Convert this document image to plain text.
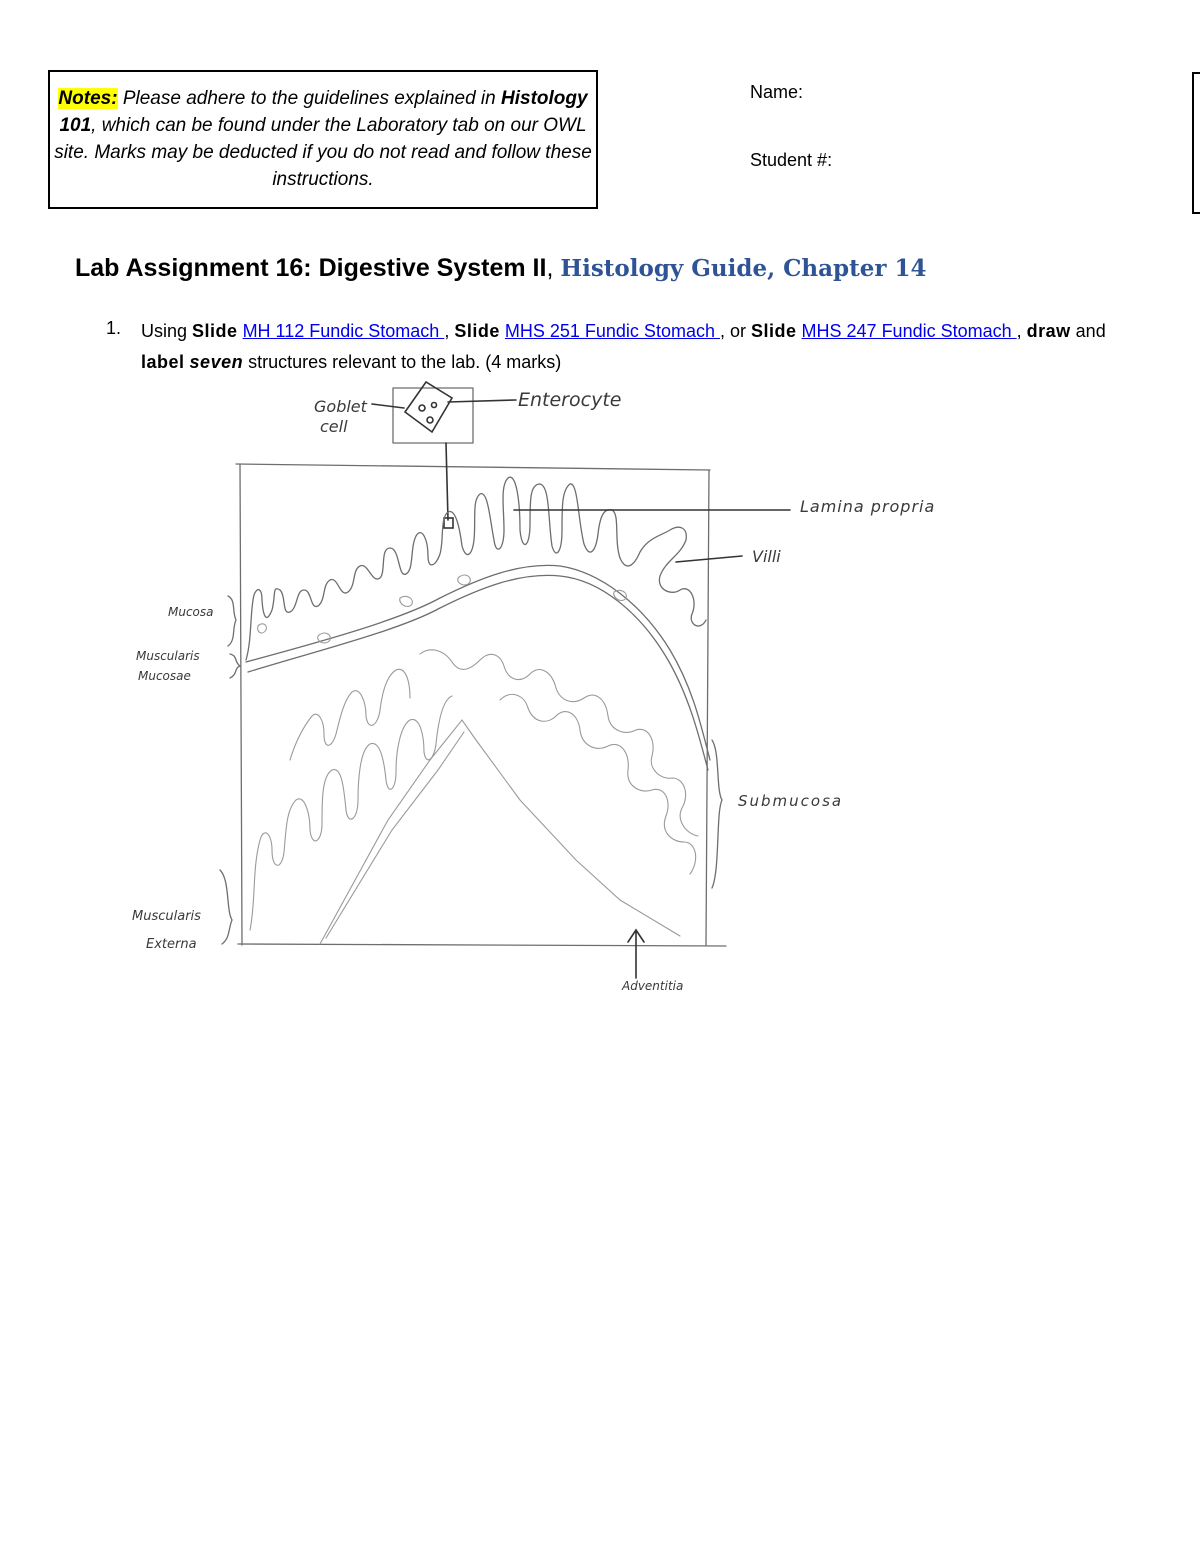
Notes: Please adhere to the guidelines explained in Histology 101, which can be found under the Laboratory tab on our OWL site. Marks may be deducted if you do not read and follow these instructions.
Name:
Student #:
Lab Assignment 16: Digestive System II, Histology Guide, Chapter 14
1. Using Slide MH 112 Fundic Stomach , Slide MHS 251 Fundic Stomach , or Slide MHS 247 Fundic Stomach , draw and label seven structures relevant to the lab. (4 marks)
Goblet
cell
Enterocyte
Lamina propria
Villi
Mucosa
Muscularis
Mucosae
Submucosa
Muscularis
Externa
Adventitia
